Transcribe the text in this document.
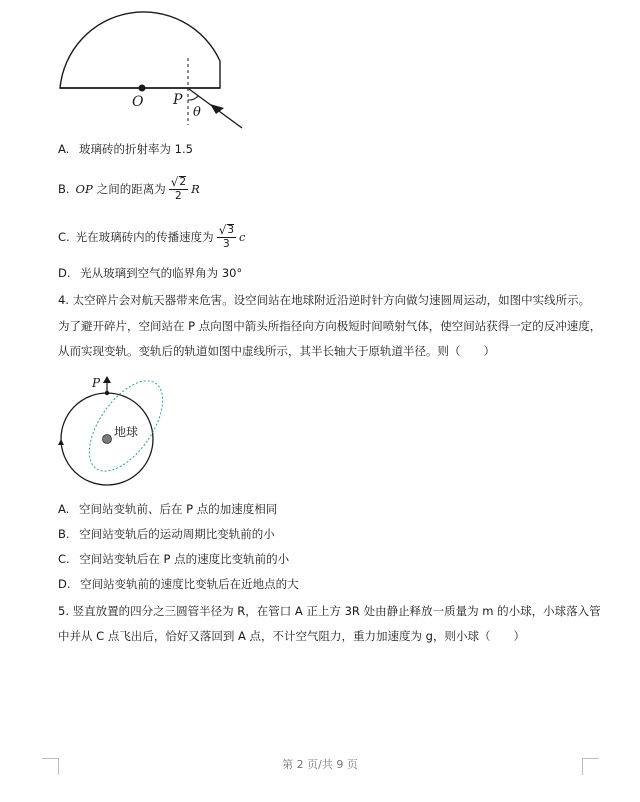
O P
θ
A. 玻璃砖的折射率为 1.5
B. OP 之间的距离为 $\frac{√ 2}{2}$ R
C. 光在玻璃砖内的传播速度为 $\frac{√ 3}{3}$ c
D. 光从玻璃到空气的临界角为 30°
4. 太空碎片会对航天器带来危害。设空间站在地球附近沿逆时针方向做匀速圆周运动，如图中实线所示。
为了避开碎片，空间站在 P 点向图中箭头所指径向方向极短时间喷射气体，使空间站获得一定的反冲速度，
从而实现变轨。变轨后的轨道如图中虚线所示，其半长轴大于原轨道半径。则（　　）
P
地球
A. 空间站变轨前、后在 P 点的加速度相同
B. 空间站变轨后的运动周期比变轨前的小
C. 空间站变轨后在 P 点的速度比变轨前的小
D. 空间站变轨前的速度比变轨后在近地点的大
5. 竖直放置的四分之三圆管半径为 R，在管口 A 正上方 3R 处由静止释放一质量为 m 的小球，小球落入管
中并从 C 点飞出后，恰好又落回到 A 点，不计空气阻力，重力加速度为 g，则小球（　　）
第 2 页/共 9 页
